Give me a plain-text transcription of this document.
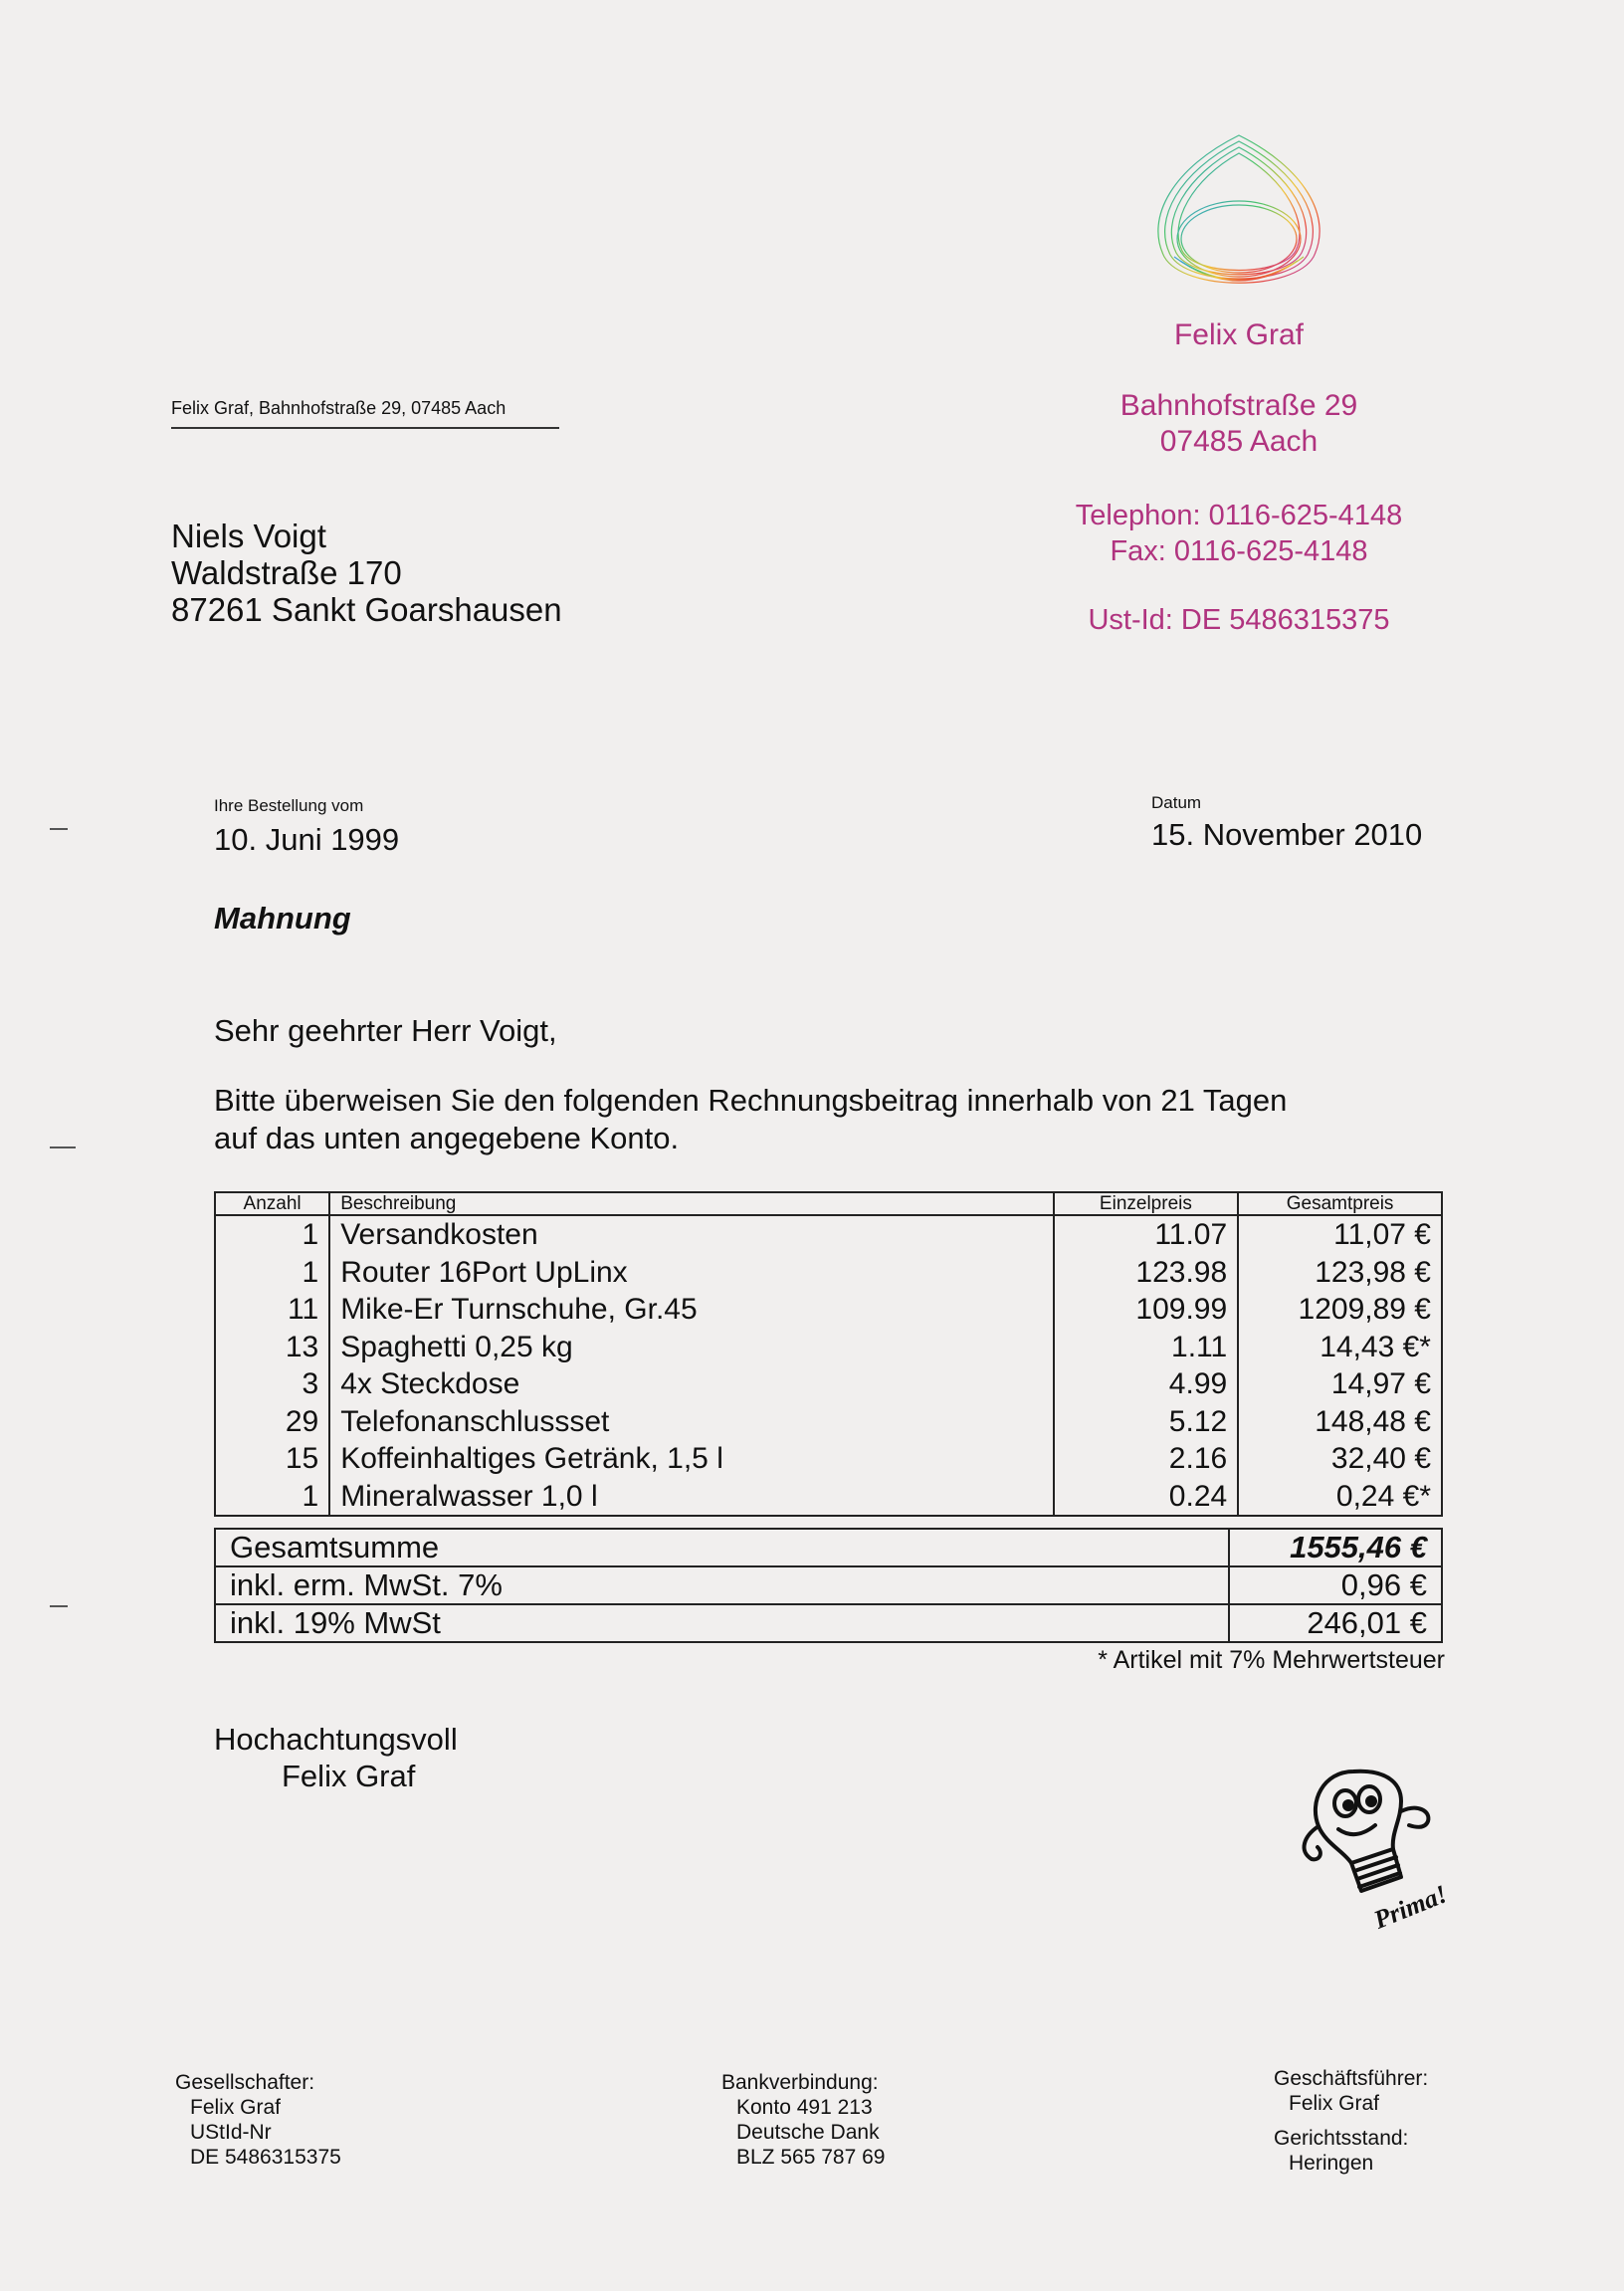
Felix Graf
Bahnhofstraße 29
07485 Aach
Telephon: 0116-625-4148
Fax: 0116-625-4148
Ust-Id: DE 5486315375
Felix Graf, Bahnhofstraße 29, 07485 Aach
Niels Voigt
Waldstraße 170
87261 Sankt Goarshausen
Ihre Bestellung vom
10. Juni 1999
Datum
15. November 2010
Mahnung
Sehr geehrter Herr Voigt,
Bitte überweisen Sie den folgenden Rechnungsbeitrag innerhalb von 21 Tagen
auf das unten angegebene Konto.
Anzahl	Beschreibung	Einzelpreis	Gesamtpreis
1	Versandkosten	11.07	11,07 €
1	Router 16Port UpLinx	123.98	123,98 €
11	Mike-Er Turnschuhe, Gr.45	109.99	1209,89 €
13	Spaghetti 0,25 kg	1.11	14,43 €*
3	4x Steckdose	4.99	14,97 €
29	Telefonanschlussset	5.12	148,48 €
15	Koffeinhaltiges Getränk, 1,5 l	2.16	32,40 €
1	Mineralwasser 1,0 l	0.24	0,24 €*
Gesamtsumme	1555,46 €
inkl. erm. MwSt. 7%	0,96 €
inkl. 19% MwSt	246,01 €
* Artikel mit 7% Mehrwertsteuer
Hochachtungsvoll
Felix Graf
Prima!
Gesellschafter:
Felix Graf
UStId-Nr
DE 5486315375
Bankverbindung:
Konto 491 213
Deutsche Dank
BLZ 565 787 69
Geschäftsführer:
Felix Graf
Gerichtsstand:
Heringen
